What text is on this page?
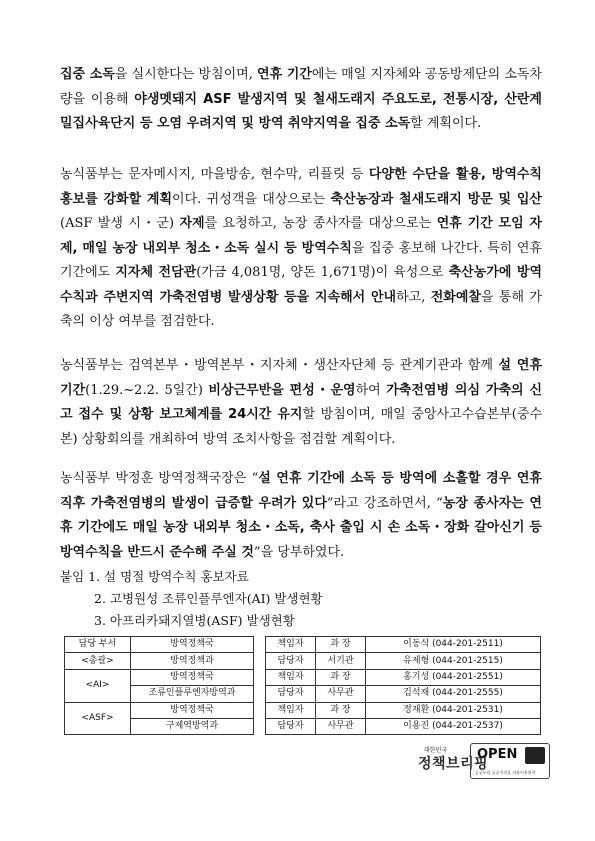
집중 소독을 실시한다는 방침이며, 연휴 기간에는 매일 지자체와 공동방제단의 소독차량을 이용해 야생멧돼지 ASF 발생지역 및 철새도래지 주요도로, 전통시장, 산란계 밀집사육단지 등 오염 우려지역 및 방역 취약지역을 집중 소독할 계획이다.
농식품부는 문자메시지, 마을방송, 현수막, 리플릿 등 다양한 수단을 활용, 방역수칙 홍보를 강화할 계획이다. 귀성객을 대상으로는 축산농장과 철새도래지 방문 및 입산(ASF 발생 시・군) 자제를 요청하고, 농장 종사자를 대상으로는 연휴 기간 모임 자제, 매일 농장 내외부 청소・소독 실시 등 방역수칙을 집중 홍보해 나간다. 특히 연휴 기간에도 지자체 전담관(가금 4,081명, 양돈 1,671명)이 육성으로 축산농가에 방역수칙과 주변지역 가축전염병 발생상황 등을 지속해서 안내하고, 전화예찰을 통해 가축의 이상 여부를 점검한다.
농식품부는 검역본부・방역본부・지자체・생산자단체 등 관계기관과 함께 설 연휴 기간(1.29.~2.2. 5일간) 비상근무반을 편성・운영하여 가축전염병 의심 가축의 신고 접수 및 상황 보고체계를 24시간 유지할 방침이며, 매일 중앙사고수습본부(중수본) 상황회의를 개최하여 방역 조치사항을 점검할 계획이다.
농식품부 박정훈 방역정책국장은 “설 연휴 기간에 소독 등 방역에 소홀할 경우 연휴 직후 가축전염병의 발생이 급증할 우려가 있다”라고 강조하면서, “농장 종사자는 연휴 기간에도 매일 농장 내외부 청소・소독, 축사 출입 시 손 소독・장화 갈아신기 등 방역수칙을 반드시 준수해 주실 것”을 당부하였다.
붙임 1. 설 명절 방역수칙 홍보자료
2. 고병원성 조류인플루엔자(AI) 발생현황
3. 아프리카돼지열병(ASF) 발생현황
담당 부서	방역정책국		책임자	과 장	이동식 (044-201-2511)
<총괄>	방역정책과		담당자	서기관	유제형 (044-201-2515)
<AI>	방역정책국		책임자	과 장	홍기성 (044-201-2551)
	조류인플루엔자방역과		담당자	사무관	김석재 (044-201-2555)
<ASF>	방역정책국		책임자	과 장	정재환 (044-201-2531)
	구제역방역과		담당자	사무관	이용진 (044-201-2537)
대한민국
정책브리핑
OPEN
공공누리 공공저작물 자유이용허락
